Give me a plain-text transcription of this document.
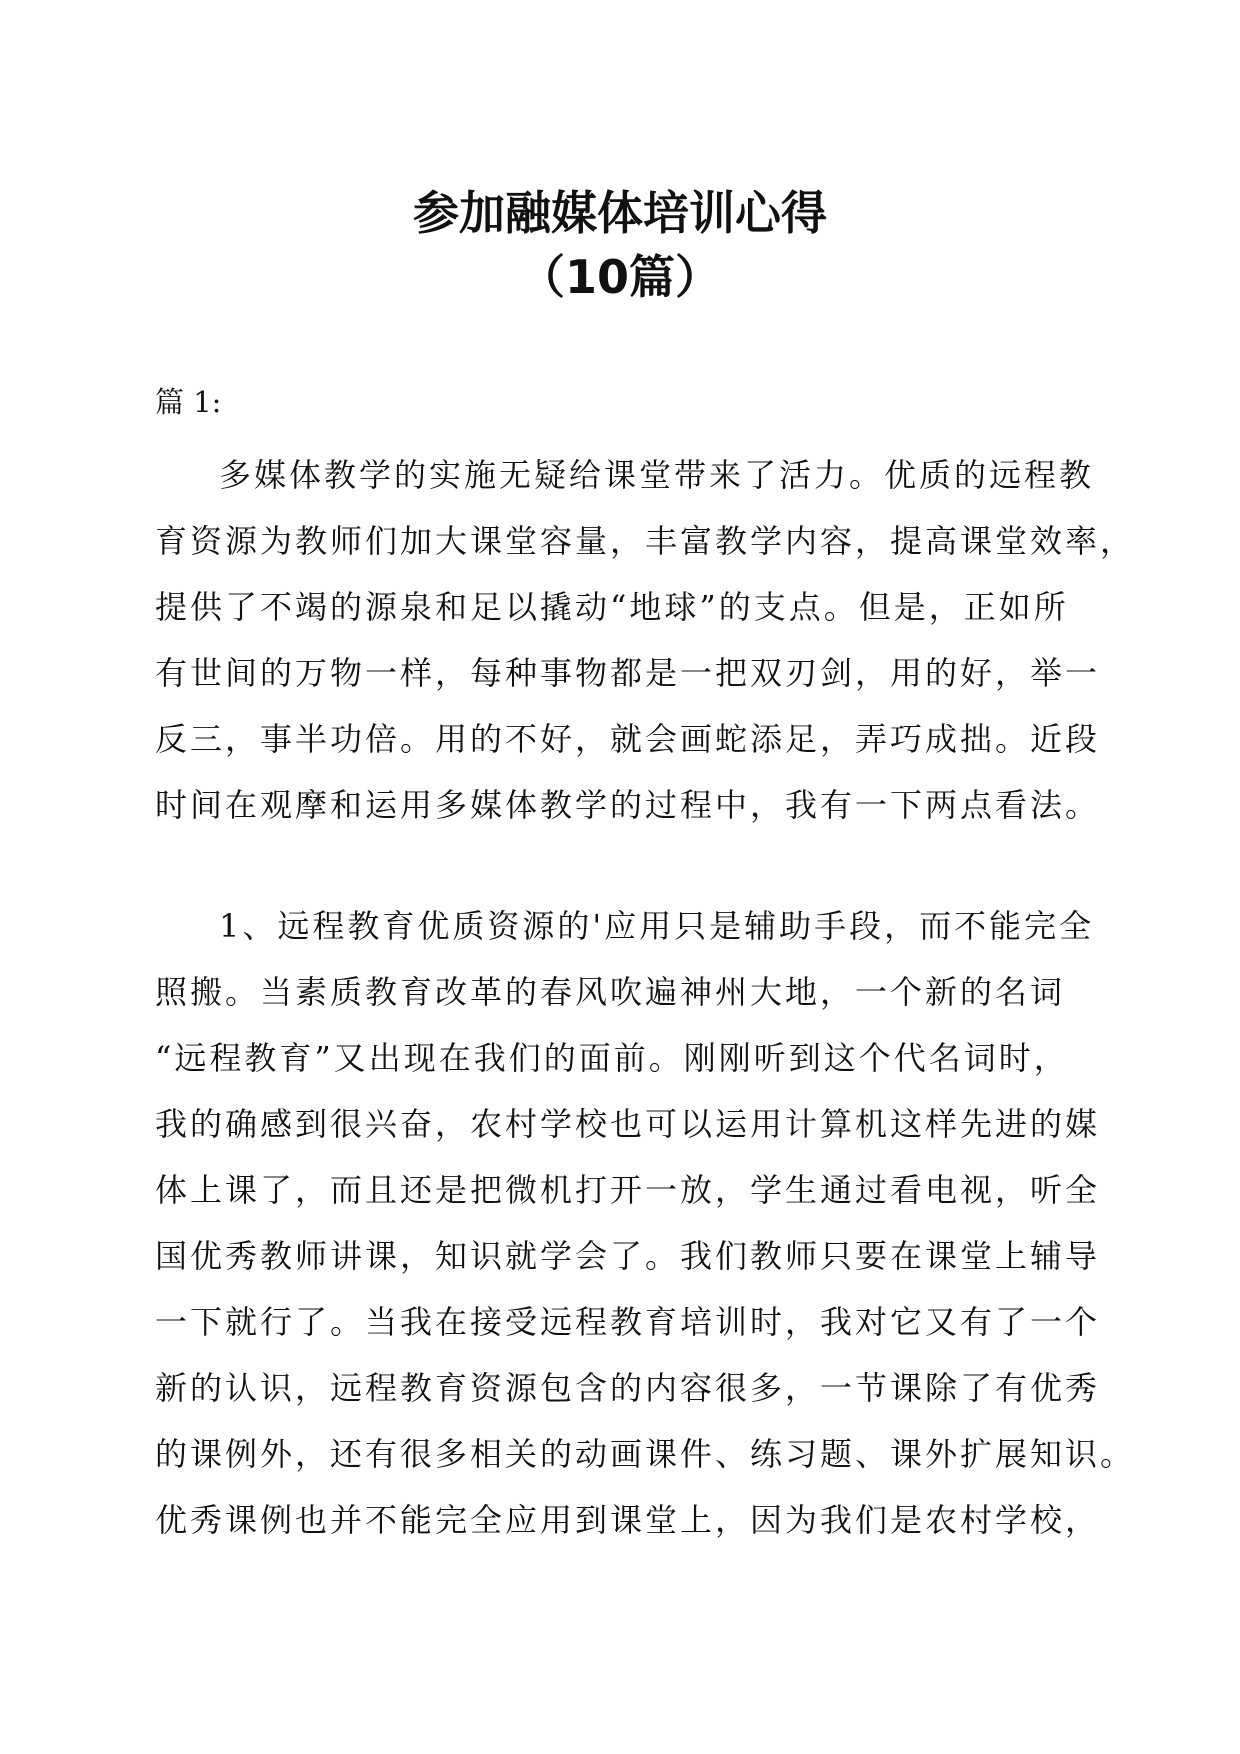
参加融媒体培训心得
（10篇）

篇 1:

多媒体教学的实施无疑给课堂带来了活力。优质的远程教
育资源为教师们加大课堂容量，丰富教学内容，提高课堂效率，
提供了不竭的源泉和足以撬动“地球”的支点。但是，正如所
有世间的万物一样，每种事物都是一把双刃剑，用的好，举一
反三，事半功倍。用的不好，就会画蛇添足，弄巧成拙。近段
时间在观摩和运用多媒体教学的过程中，我有一下两点看法。
1、远程教育优质资源的'应用只是辅助手段，而不能完全
照搬。当素质教育改革的春风吹遍神州大地，一个新的名词
“远程教育”又出现在我们的面前。刚刚听到这个代名词时，
我的确感到很兴奋，农村学校也可以运用计算机这样先进的媒
体上课了，而且还是把微机打开一放，学生通过看电视，听全
国优秀教师讲课，知识就学会了。我们教师只要在课堂上辅导
一下就行了。当我在接受远程教育培训时，我对它又有了一个
新的认识，远程教育资源包含的内容很多，一节课除了有优秀
的课例外，还有很多相关的动画课件、练习题、课外扩展知识。
优秀课例也并不能完全应用到课堂上，因为我们是农村学校，
